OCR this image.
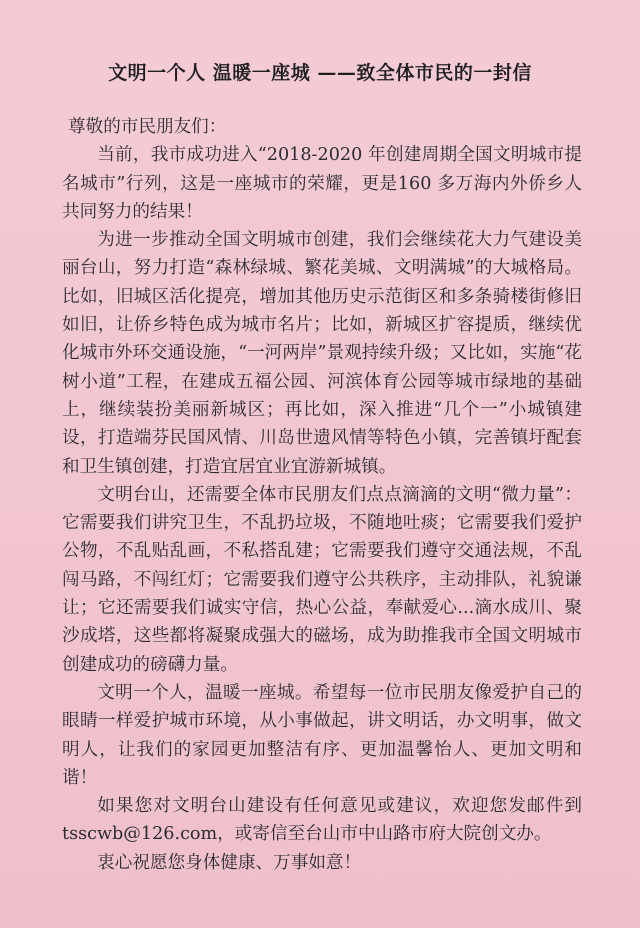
文明一个人 温暖一座城 ——致全体市民的一封信

尊敬的市民朋友们：

当前，我市成功进入“2018-2020 年创建周期全国文明城市提名城市”行列，这是一座城市的荣耀，更是160 多万海内外侨乡人共同努力的结果！

为进一步推动全国文明城市创建，我们会继续花大力气建设美丽台山，努力打造“森林绿城、繁花美城、文明满城”的大城格局。比如，旧城区活化提亮，增加其他历史示范街区和多条骑楼街修旧如旧，让侨乡特色成为城市名片；比如，新城区扩容提质，继续优化城市外环交通设施，“一河两岸”景观持续升级；又比如，实施“花树小道”工程，在建成五福公园、河滨体育公园等城市绿地的基础上，继续装扮美丽新城区；再比如，深入推进“几个一”小城镇建设，打造端芬民国风情、川岛世遗风情等特色小镇，完善镇圩配套和卫生镇创建，打造宜居宜业宜游新城镇。

文明台山，还需要全体市民朋友们点点滴滴的文明“微力量”：它需要我们讲究卫生，不乱扔垃圾，不随地吐痰；它需要我们爱护公物，不乱贴乱画，不私搭乱建；它需要我们遵守交通法规，不乱闯马路，不闯红灯；它需要我们遵守公共秩序，主动排队，礼貌谦让；它还需要我们诚实守信，热心公益，奉献爱心...滴水成川、聚沙成塔，这些都将凝聚成强大的磁场，成为助推我市全国文明城市创建成功的磅礴力量。

文明一个人，温暖一座城。希望每一位市民朋友像爱护自己的眼睛一样爱护城市环境，从小事做起，讲文明话，办文明事，做文明人，让我们的家园更加整洁有序、更加温馨怡人、更加文明和谐！

如果您对文明台山建设有任何意见或建议，欢迎您发邮件到 tsscwb@126.com，或寄信至台山市中山路市府大院创文办。

衷心祝愿您身体健康、万事如意！
